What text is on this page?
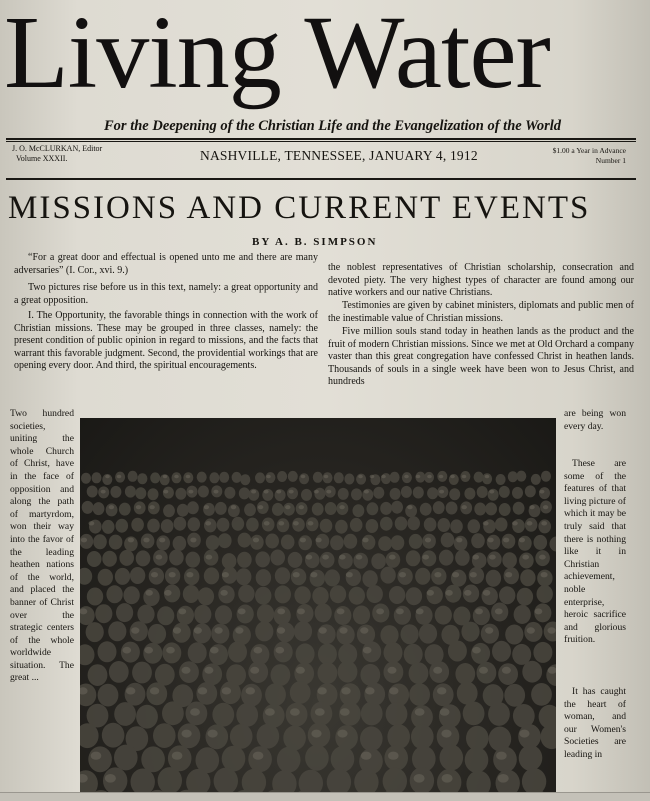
Living Water
For the Deepening of the Christian Life and the Evangelization of the World
J. O. McCLURKAN, Editor
Volume XXXII.	NASHVILLE, TENNESSEE, JANUARY 4, 1912	$1.00 a Year in Advance
Number 1
MISSIONS AND CURRENT EVENTS
BY A. B. SIMPSON

“For a great door and effectual is opened unto me and there are many adversaries” (I. Cor., xvi. 9.)

Two pictures rise before us in this text, namely: a great opportunity and a great opposition.

I. The Opportunity, the favorable things in connection with the work of Christian missions. These may be grouped in three classes, namely: the present condition of public opinion in regard to missions, and the facts that warrant this favorable judgment. Second, the providential workings that are opening every door. And third, the spiritual encouragements.

the noblest representatives of Christian scholarship, consecration and devoted piety. The very highest types of character are found among our native workers and our native Christians.

Testimonies are given by cabinet ministers, diplomats and public men of the inestimable value of Christian missions.

Five million souls stand today in heathen lands as the product and the fruit of modern Christian missions. Since we met at Old Orchard a company vaster than this great congregation have confessed Christ in heathen lands. Thousands of souls in a single week have been won to Jesus Christ, and hundreds

Two hundred societies, uniting the whole Church of Christ, have in the face of opposition and along the path of martyrdom, won their way into the favor of the leading heathen nations of the world, and placed the banner of Christ over the strategic centers of the whole worldwide situation. The great ...

are being won every day.

These are some of the features of that living picture of which it may be truly said that there is nothing like it in Christian achievement, noble enterprise, heroic sacrifice and glorious fruition.

It has caught the heart of woman, and our Women's Societies are leading in
